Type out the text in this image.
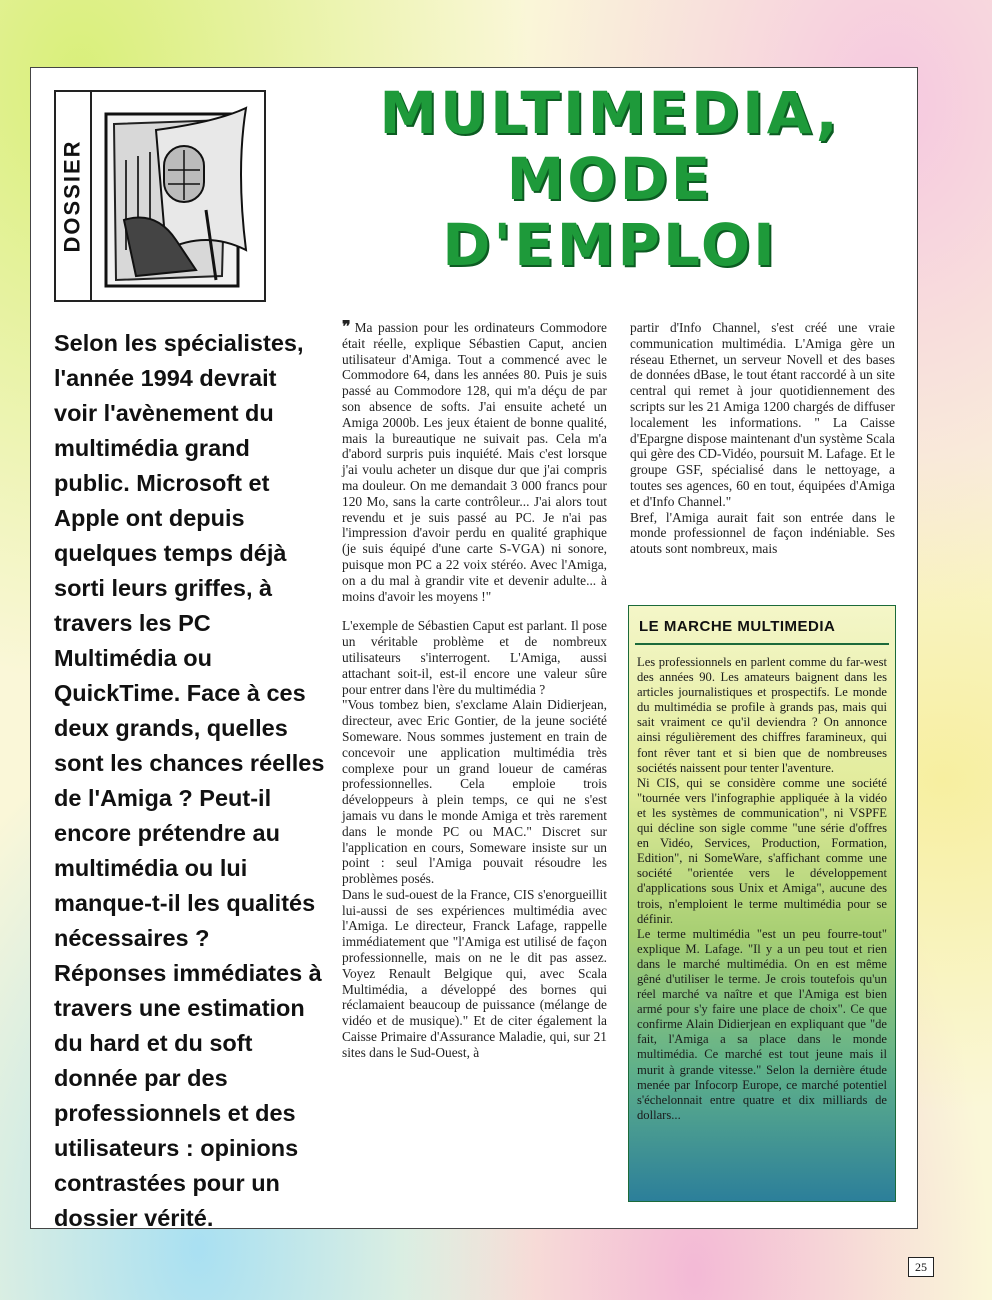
DOSSIER
MULTIMEDIA,
MODE
D'EMPLOI
Selon les spécialistes, l'année 1994 devrait voir l'avènement du multimédia grand public. Microsoft et Apple ont depuis quelques temps déjà sorti leurs griffes, à travers les PC Multimédia ou QuickTime. Face à ces deux grands, quelles sont les chances réelles de l'Amiga ? Peut-il encore prétendre au multimédia ou lui manque-t-il les qualités nécessaires ? Réponses immédiates à travers une estimation du hard et du soft donnée par des professionnels et des utilisateurs : opinions contrastées pour un dossier vérité.

❞ Ma passion pour les ordinateurs Commodore était réelle, explique Sébastien Caput, ancien utilisateur d'Amiga. Tout a commencé avec le Commodore 64, dans les années 80. Puis je suis passé au Commodore 128, qui m'a déçu de par son absence de softs. J'ai ensuite acheté un Amiga 2000b. Les jeux étaient de bonne qualité, mais la bureautique ne suivait pas. Cela m'a d'abord surpris puis inquiété. Mais c'est lorsque j'ai voulu acheter un disque dur que j'ai compris ma douleur. On me demandait 3 000 francs pour 120 Mo, sans la carte contrôleur... J'ai alors tout revendu et je suis passé au PC. Je n'ai pas l'impression d'avoir perdu en qualité graphique (je suis équipé d'une carte S-VGA) ni sonore, puisque mon PC a 22 voix stéréo. Avec l'Amiga, on a du mal à grandir vite et devenir adulte... à moins d'avoir les moyens !"

L'exemple de Sébastien Caput est parlant. Il pose un véritable problème et de nombreux utilisateurs s'interrogent. L'Amiga, aussi attachant soit-il, est-il encore une valeur sûre pour entrer dans l'ère du multimédia ?

"Vous tombez bien, s'exclame Alain Didierjean, directeur, avec Eric Gontier, de la jeune société Someware. Nous sommes justement en train de concevoir une application multimédia très complexe pour un grand loueur de caméras professionnelles. Cela emploie trois développeurs à plein temps, ce qui ne s'est jamais vu dans le monde Amiga et très rarement dans le monde PC ou MAC." Discret sur l'application en cours, Someware insiste sur un point : seul l'Amiga pouvait résoudre les problèmes posés.

Dans le sud-ouest de la France, CIS s'enorgueillit lui-aussi de ses expériences multimédia avec l'Amiga. Le directeur, Franck Lafage, rappelle immédiatement que "l'Amiga est utilisé de façon professionnelle, mais on ne le dit pas assez. Voyez Renault Belgique qui, avec Scala Multimédia, a développé des bornes qui réclamaient beaucoup de puissance (mélange de vidéo et de musique)." Et de citer également la Caisse Primaire d'Assurance Maladie, qui, sur 21 sites dans le Sud-Ouest, à

partir d'Info Channel, s'est créé une vraie communication multimédia. L'Amiga gère un réseau Ethernet, un serveur Novell et des bases de données dBase, le tout étant raccordé à un site central qui remet à jour quotidiennement des scripts sur les 21 Amiga 1200 chargés de diffuser localement les informations. " La Caisse d'Epargne dispose maintenant d'un système Scala qui gère des CD-Vidéo, poursuit M. Lafage. Et le groupe GSF, spécialisé dans le nettoyage, a toutes ses agences, 60 en tout, équipées d'Amiga et d'Info Channel."

Bref, l'Amiga aurait fait son entrée dans le monde professionnel de façon indéniable. Ses atouts sont nombreux, mais

LE MARCHE MULTIMEDIA

Les professionnels en parlent comme du far-west des années 90. Les amateurs baignent dans les articles journalistiques et prospectifs. Le monde du multimédia se profile à grands pas, mais qui sait vraiment ce qu'il deviendra ? On annonce ainsi régulièrement des chiffres faramineux, qui font rêver tant et si bien que de nombreuses sociétés naissent pour tenter l'aventure.

Ni CIS, qui se considère comme une société "tournée vers l'infographie appliquée à la vidéo et les systèmes de communication", ni VSPFE qui décline son sigle comme "une série d'offres en Vidéo, Services, Production, Formation, Edition", ni SomeWare, s'affichant comme une société "orientée vers le développement d'applications sous Unix et Amiga", aucune des trois, n'emploient le terme multimédia pour se définir.

Le terme multimédia "est un peu fourre-tout" explique M. Lafage. "Il y a un peu tout et rien dans le marché multimédia. On en est même gêné d'utiliser le terme. Je crois toutefois qu'un réel marché va naître et que l'Amiga est bien armé pour s'y faire une place de choix". Ce que confirme Alain Didierjean en expliquant que "de fait, l'Amiga a sa place dans le monde multimédia. Ce marché est tout jeune mais il murit à grande vitesse." Selon la dernière étude menée par Infocorp Europe, ce marché potentiel s'échelonnait entre quatre et dix milliards de dollars...

25
